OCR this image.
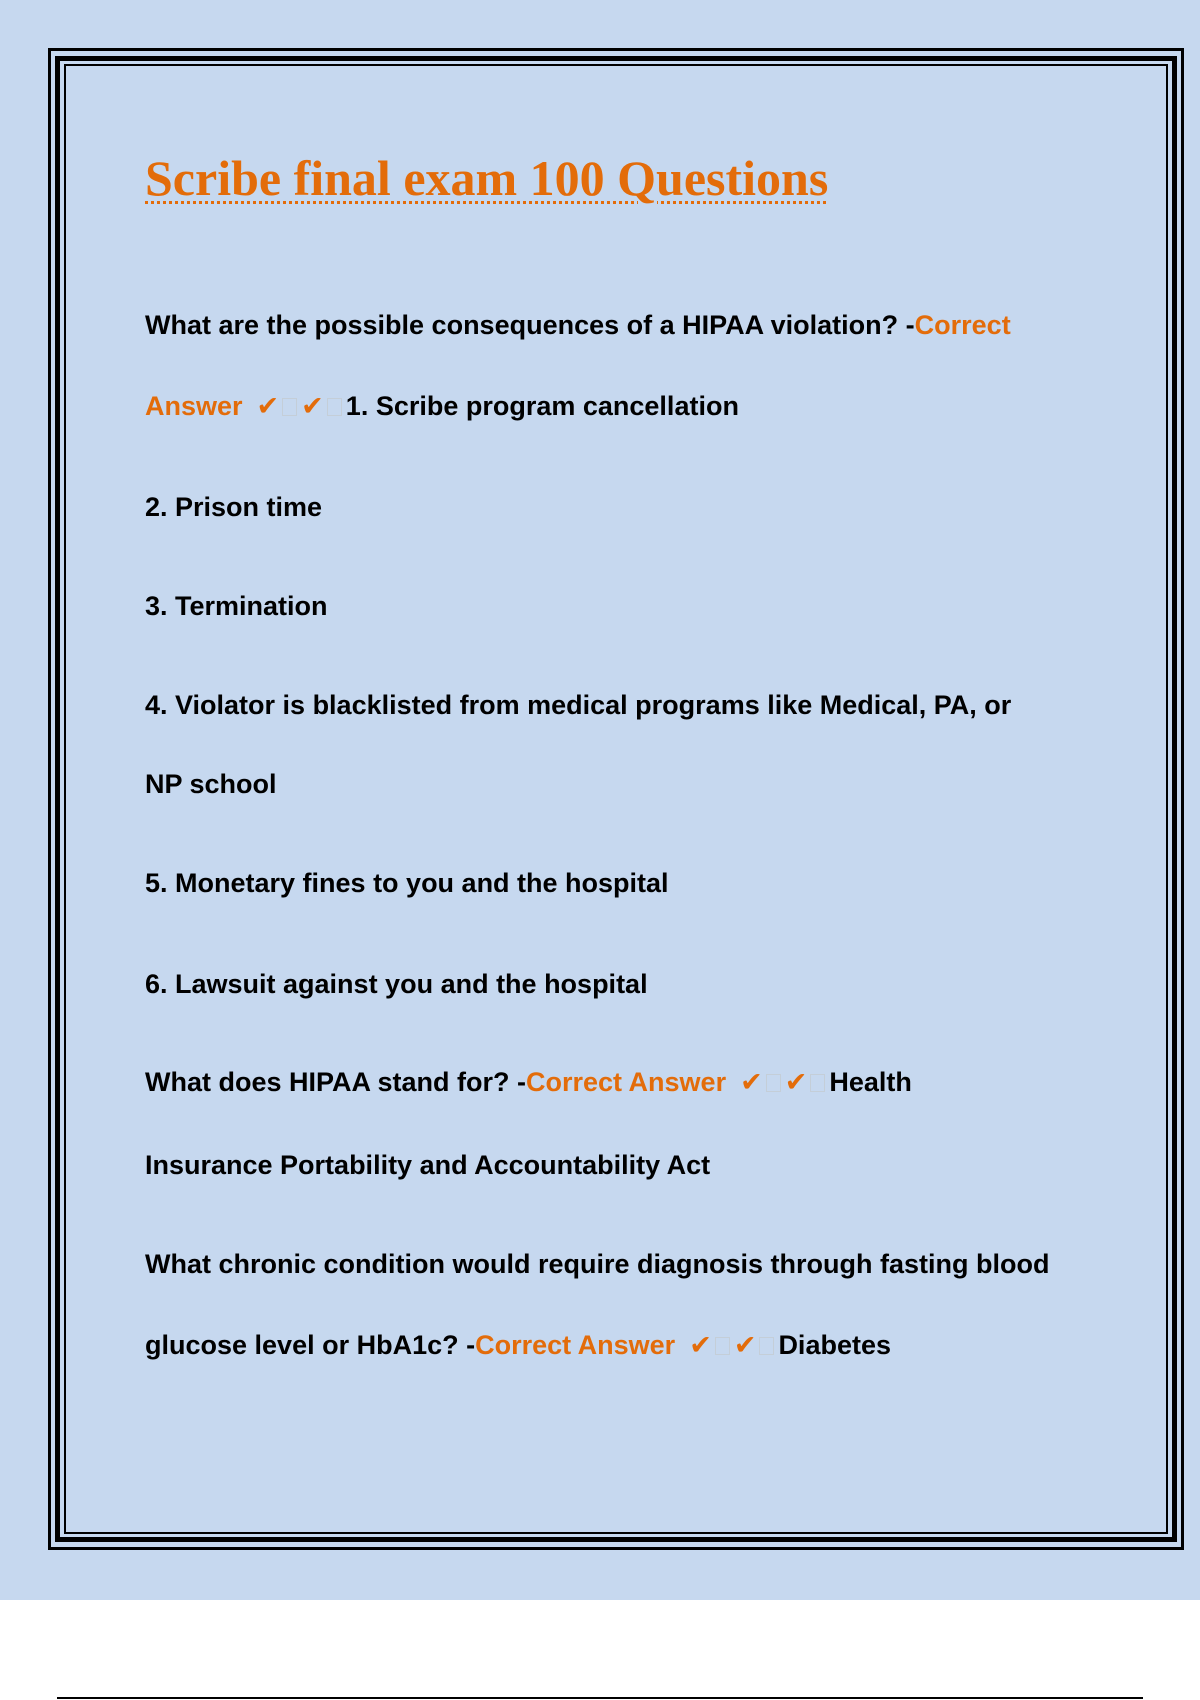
Scribe final exam 100 Questions

What are the possible consequences of a HIPAA violation? -Correct

Answer ✔ ✔ 1. Scribe program cancellation

2. Prison time

3. Termination

4. Violator is blacklisted from medical programs like Medical, PA, or

NP school

5. Monetary fines to you and the hospital

6. Lawsuit against you and the hospital

What does HIPAA stand for? -Correct Answer ✔ ✔ Health

Insurance Portability and Accountability Act

What chronic condition would require diagnosis through fasting blood

glucose level or HbA1c? -Correct Answer ✔ ✔ Diabetes
